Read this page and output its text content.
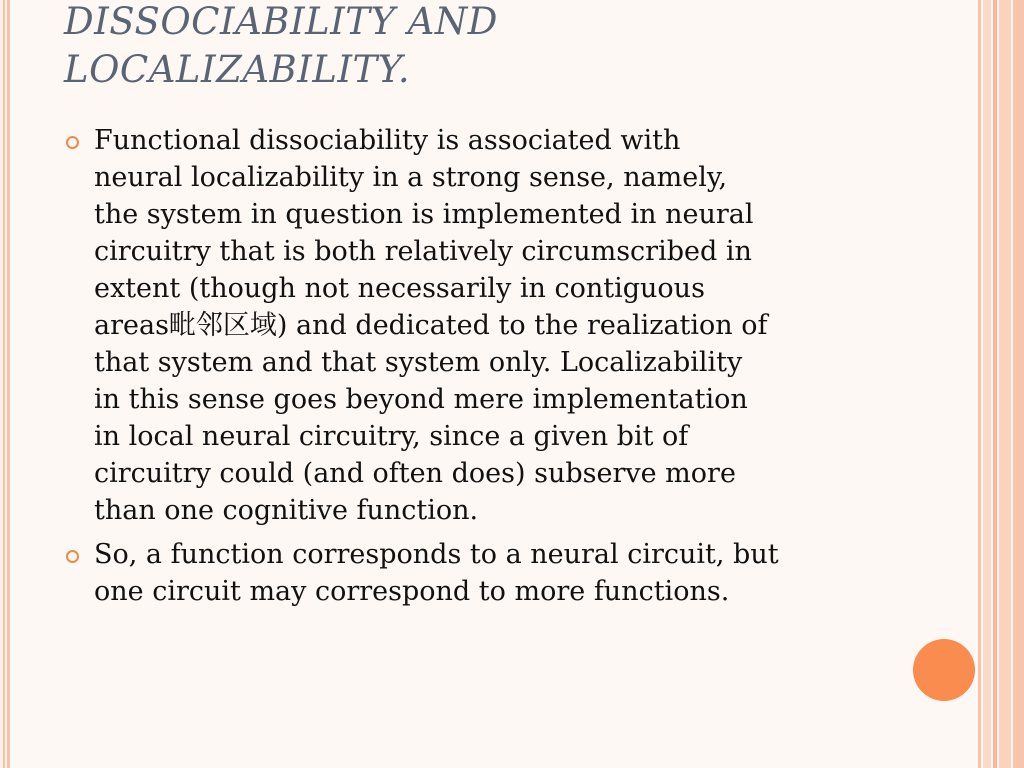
DISSOCIABILITY AND
LOCALIZABILITY.
Functional dissociability is associated with
neural localizability in a strong sense, namely,
the system in question is implemented in neural
circuitry that is both relatively circumscribed in
extent (though not necessarily in contiguous
areas毗邻区域) and dedicated to the realization of
that system and that system only. Localizability
in this sense goes beyond mere implementation
in local neural circuitry, since a given bit of
circuitry could (and often does) subserve more
than one cognitive function.
So, a function corresponds to a neural circuit, but
one circuit may correspond to more functions.
